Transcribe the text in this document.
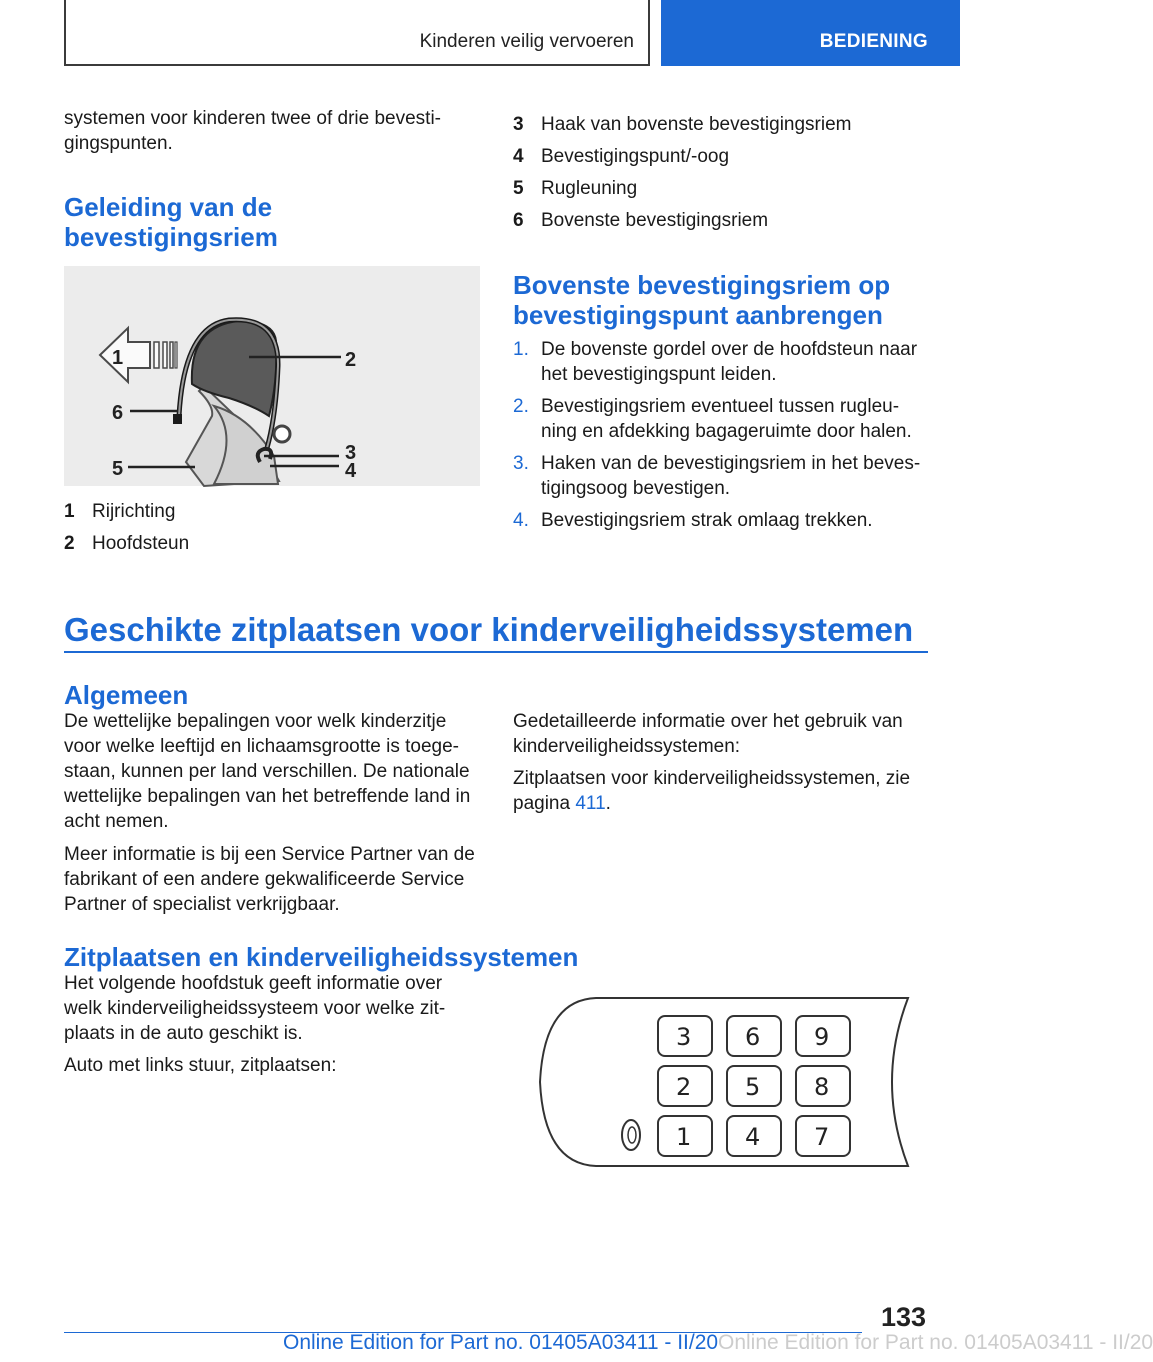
Kinderen veilig vervoeren	BEDIENING
systemen voor kinderen twee of drie bevesti-
gingspunten.
Geleiding van de
bevestigingsriem
1	2
3
4
5
6
1 Rijrichting
2 Hoofdsteun
3 Haak van bovenste bevestigingsriem
4 Bevestigingspunt/-oog
5 Rugleuning
6 Bovenste bevestigingsriem
Bovenste bevestigingsriem op
bevestigingspunt aanbrengen
1. De bovenste gordel over de hoofdsteun naar
het bevestigingspunt leiden.
2. Bevestigingsriem eventueel tussen rugleu-
ning en afdekking bagageruimte door halen.
3. Haken van de bevestigingsriem in het beves-
tigingsoog bevestigen.
4. Bevestigingsriem strak omlaag trekken.
Geschikte zitplaatsen voor kinderveiligheidssystemen
Algemeen
De wettelijke bepalingen voor welk kinderzitje
voor welke leeftijd en lichaamsgrootte is toege-
staan, kunnen per land verschillen. De nationale
wettelijke bepalingen van het betreffende land in
acht nemen.
Meer informatie is bij een Service Partner van de
fabrikant of een andere gekwalificeerde Service
Partner of specialist verkrijgbaar.
Gedetailleerde informatie over het gebruik van
kinderveiligheidssystemen:
Zitplaatsen voor kinderveiligheidssystemen, zie
pagina 411.
Zitplaatsen en kinderveiligheidssystemen
Het volgende hoofdstuk geeft informatie over
welk kinderveiligheidssysteem voor welke zit-
plaats in de auto geschikt is.
Auto met links stuur, zitplaatsen:
3 6 9
2 5 8
1 4 7
133
Online Edition for Part no. 01405A03411 - II/20 Online Edition for Part no. 01405A03411 - II/20
